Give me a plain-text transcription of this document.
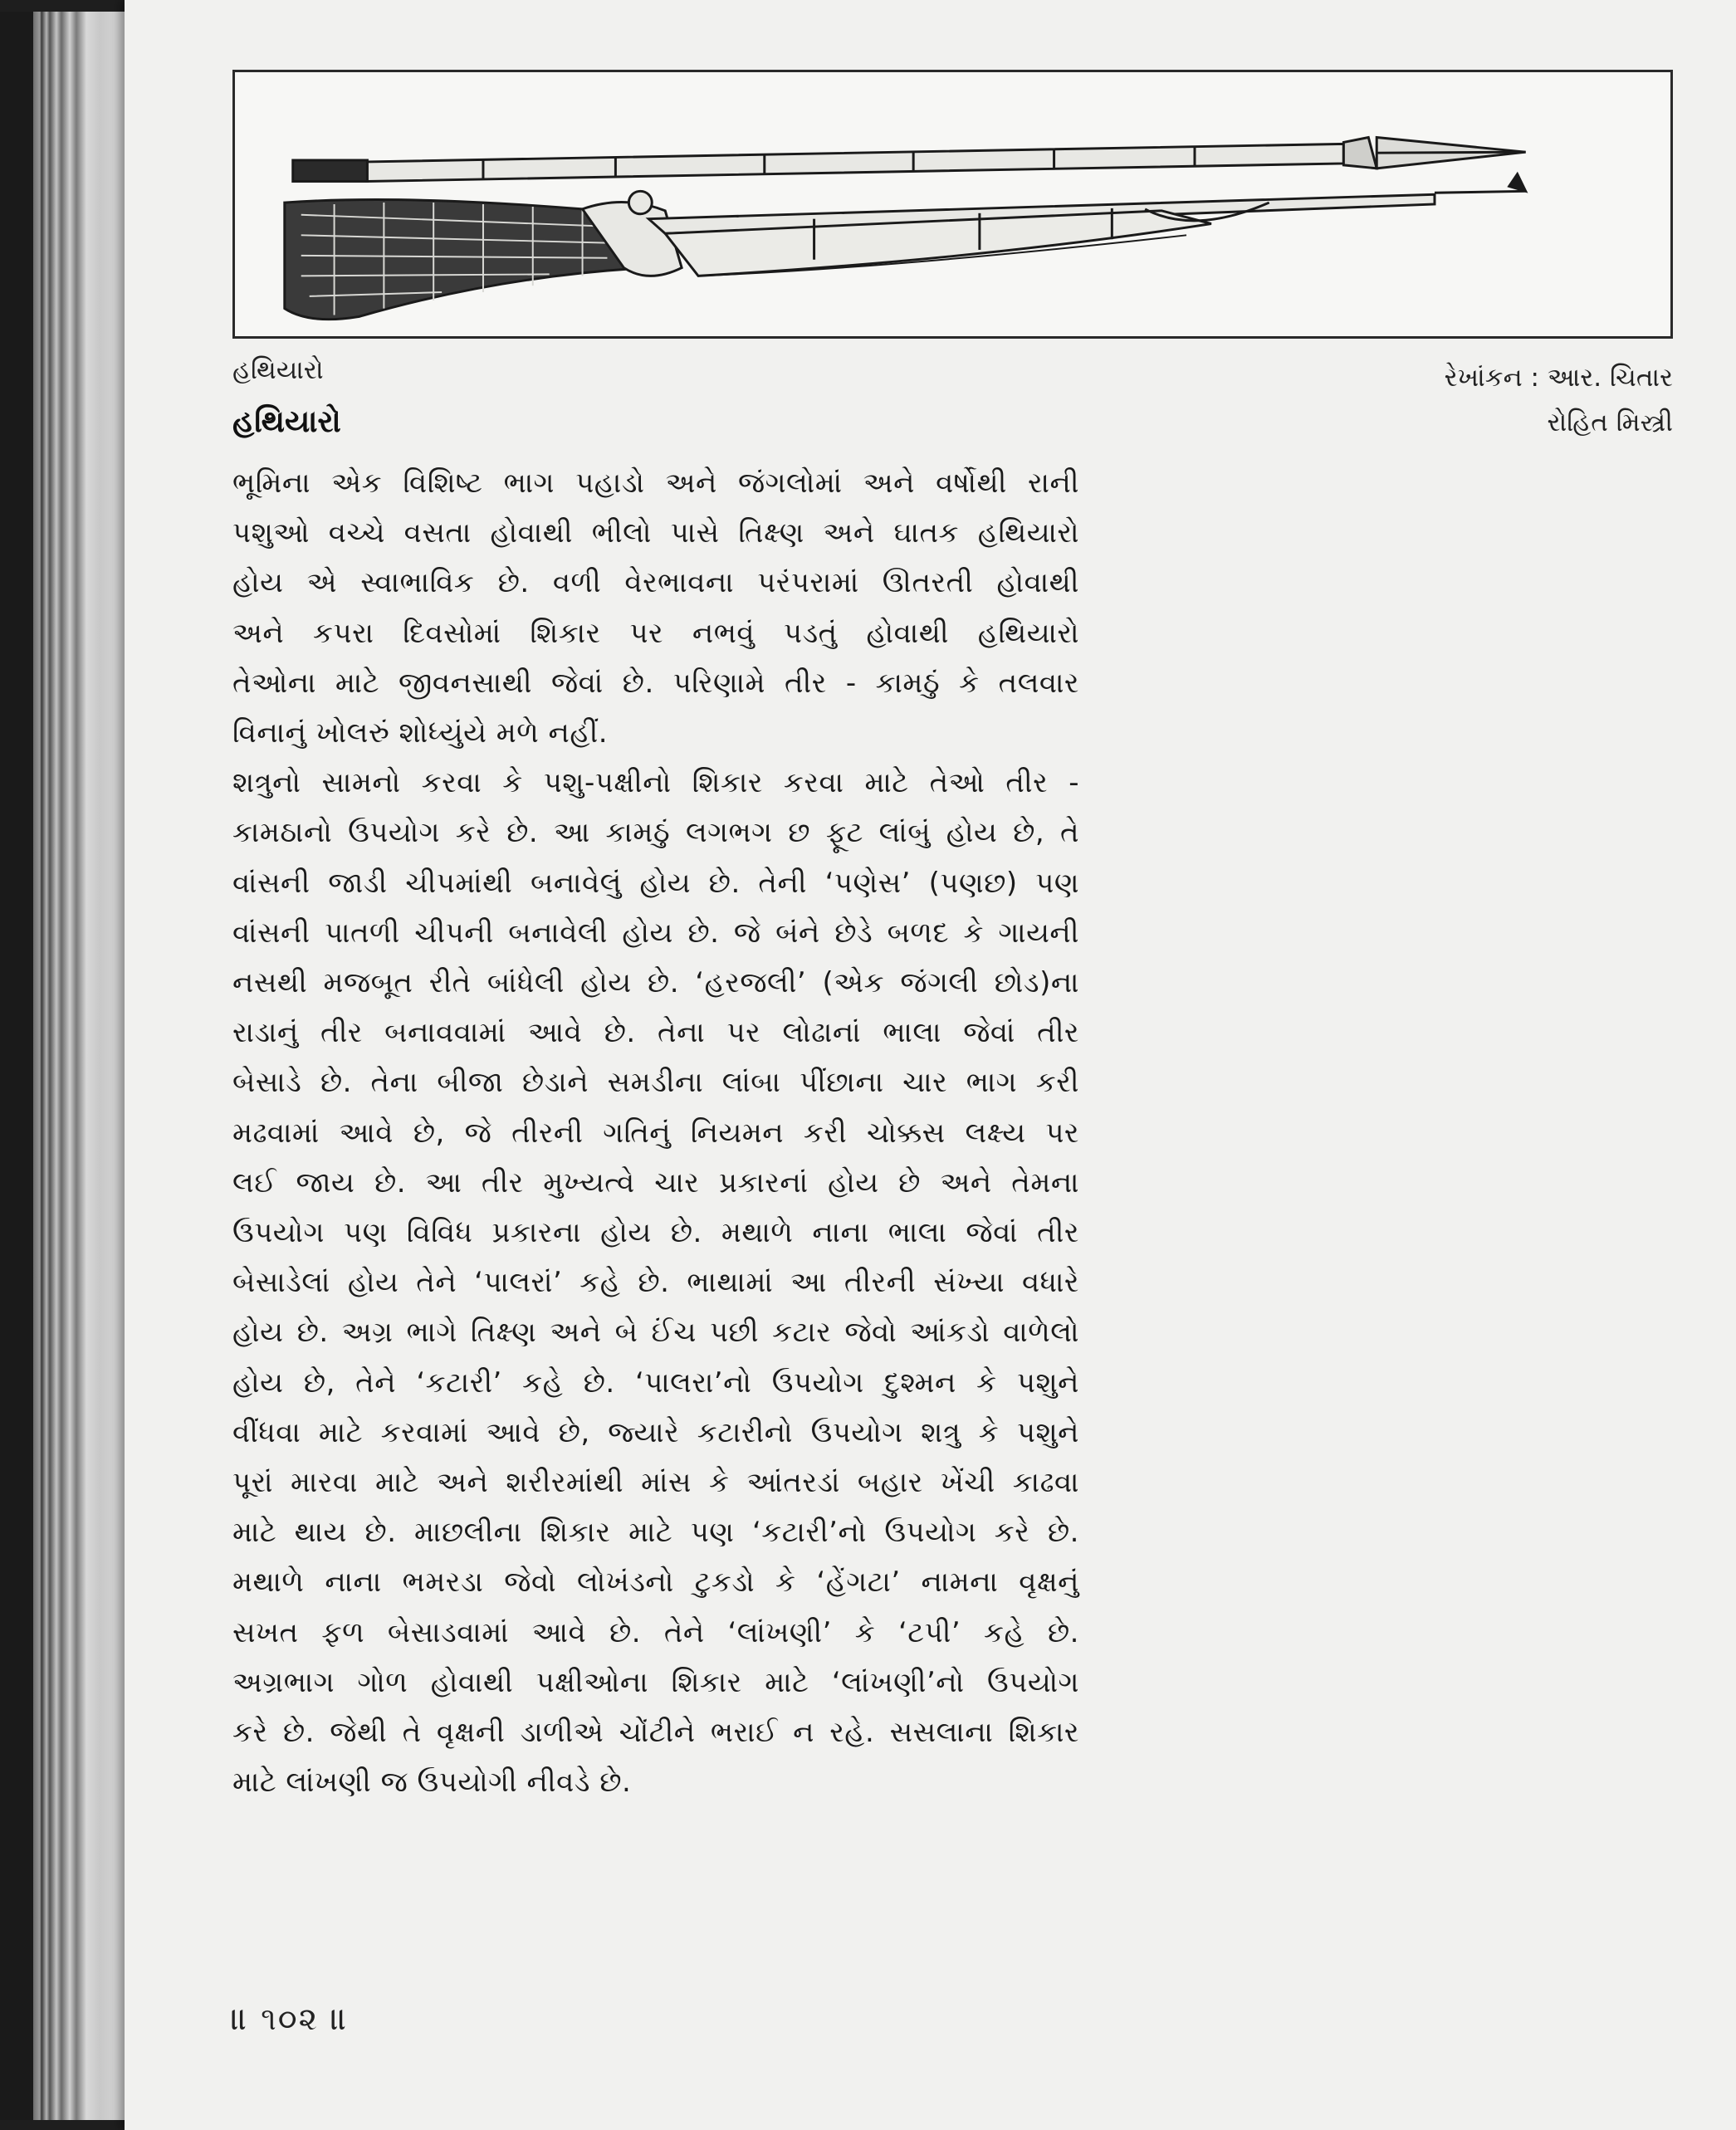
હથિયારો	રેખાંકન : આર. ચિતાર
રોહિત મિસ્ત્રી
હથિયારો
ભૂમિના એક વિશિષ્ટ ભાગ પહાડો અને જંગલોમાં અને વર્ષોથી રાની
પશુઓ વચ્ચે વસતા હોવાથી ભીલો પાસે તિક્ષ્ણ અને ઘાતક હથિયારો
હોય એ સ્વાભાવિક છે. વળી વેરભાવના પરંપરામાં ઊતરતી હોવાથી
અને કપરા દિવસોમાં શિકાર પર નભવું પડતું હોવાથી હથિયારો
તેઓના માટે જીવનસાથી જેવાં છે. પરિણામે તીર - કામઠું કે તલવાર
વિનાનું ખોલરું શોધ્યુંયે મળે નહીં.
શત્રુનો સામનો કરવા કે પશુ-પક્ષીનો શિકાર કરવા માટે તેઓ તીર -
કામઠાનો ઉપયોગ કરે છે. આ કામઠું લગભગ છ ફૂટ લાંબું હોય છે, તે
વાંસની જાડી ચીપમાંથી બનાવેલું હોય છે. તેની ‘પણેસ’ (પણછ) પણ
વાંસની પાતળી ચીપની બનાવેલી હોય છે. જે બંને છેડે બળદ કે ગાયની
નસથી મજબૂત રીતે બાંધેલી હોય છે. ‘હરજલી’ (એક જંગલી છોડ)ના
રાડાનું તીર બનાવવામાં આવે છે. તેના પર લોઢાનાં ભાલા જેવાં તીર
બેસાડે છે. તેના બીજા છેડાને સમડીના લાંબા પીંછાના ચાર ભાગ કરી
મઢવામાં આવે છે, જે તીરની ગતિનું નિયમન કરી ચોક્કસ લક્ષ્ય પર
લઈ જાય છે. આ તીર મુખ્યત્વે ચાર પ્રકારનાં હોય છે અને તેમના
ઉપયોગ પણ વિવિધ પ્રકારના હોય છે. મથાળે નાના ભાલા જેવાં તીર
બેસાડેલાં હોય તેને ‘પાલરાં’ કહે છે. ભાથામાં આ તીરની સંખ્યા વધારે
હોય છે. અગ્ર ભાગે તિક્ષ્ણ અને બે ઈંચ પછી કટાર જેવો આંકડો વાળેલો
હોય છે, તેને ‘કટારી’ કહે છે. ‘પાલરા’નો ઉપયોગ દુશ્મન કે પશુને
વીંધવા માટે કરવામાં આવે છે, જ્યારે કટારીનો ઉપયોગ શત્રુ કે પશુને
પૂરાં મારવા માટે અને શરીરમાંથી માંસ કે આંતરડાં બહાર ખેંચી કાઢવા
માટે થાય છે. માછલીના શિકાર માટે પણ ‘કટારી’નો ઉપયોગ કરે છે.
મથાળે નાના ભમરડા જેવો લોખંડનો ટુકડો કે ‘હેંગટા’ નામના વૃક્ષનું
સખત ફળ બેસાડવામાં આવે છે. તેને ‘લાંખણી’ કે ‘ટપી’ કહે છે.
અગ્રભાગ ગોળ હોવાથી પક્ષીઓના શિકાર માટે ‘લાંખણી’નો ઉપયોગ
કરે છે. જેથી તે વૃક્ષની ડાળીએ ચોંટીને ભરાઈ ન રહે. સસલાના શિકાર
માટે લાંખણી જ ઉપયોગી નીવડે છે.
॥ ૧૦૨ ॥
